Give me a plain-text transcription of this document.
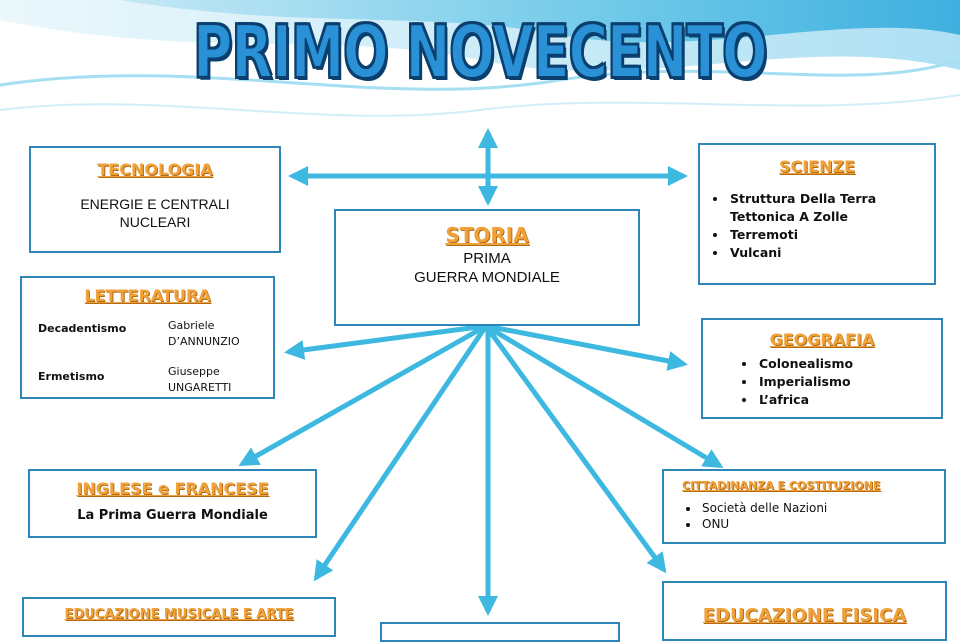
PRIMO NOVECENTO
TECNOLOGIA
ENERGIE E CENTRALI
NUCLEARI
STORIA
PRIMA
GUERRA MONDIALE
SCIENZE
• Struttura Della Terra Tettonica A Zolle
• Terremoti
• Vulcani
LETTERATURA
Decadentismo	Gabriele
D’ANNUNZIO
Ermetismo	Giuseppe
UNGARETTI
GEOGRAFIA
• Colonealismo
• Imperialismo
• L’africa
INGLESE e FRANCESE
La Prima Guerra Mondiale
CITTADINANZA E COSTITUZIONE
• Società delle Nazioni
• ONU
EDUCAZIONE MUSICALE E ARTE	EDUCAZIONE FISICA
